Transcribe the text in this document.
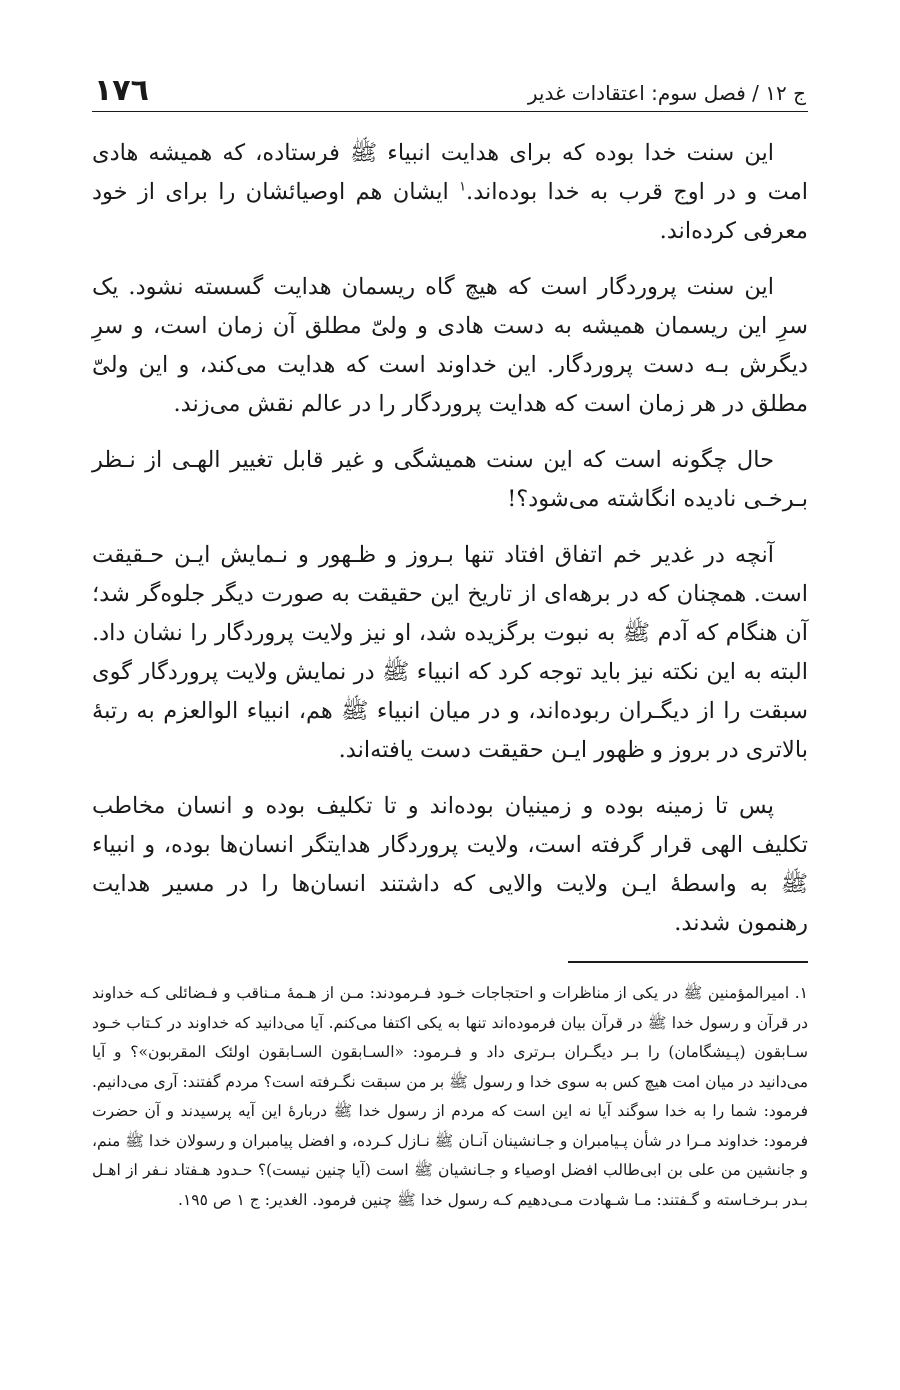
ج ١٢ / فصل سوم: اعتقادات غدیر
١٧٦

این سنت خدا بوده که برای هدایت انبیاء ﷺ فرستاده، که همیشه هادی امت و در اوج قرب به خدا بوده‌اند.$^١$ ایشان هم اوصیائشان را برای از خود معرفی کرده‌اند.

این سنت پروردگار است که هیچ گاه ریسمان هدایت گسسته نشود. یک سرِ این ریسمان همیشه به دست هادی و ولیّ مطلق آن زمان است، و سرِ دیگرش بـه دست پروردگار. این خداوند است که هدایت می‌کند، و این ولیّ مطلق در هر زمان است که هدایت پروردگار را در عالم نقش می‌زند.

حال چگونه است که این سنت همیشگی و غیر قابل تغییر الهـی از نـظر بـرخـی نادیده انگاشته می‌شود؟!

آنچه در غدیر خم اتفاق افتاد تنها بـروز و ظـهور و نـمایش ایـن حـقیقت است. همچنان که در برهه‌ای از تاریخ این حقیقت به صورت دیگر جلوه‌گر شد؛ آن هنگام که آدم ﷺ به نبوت برگزیده شد، او نیز ولایت پروردگار را نشان داد. البته به این نکته نیز باید توجه کرد که انبیاء ﷺ در نمایش ولایت پروردگار گوی سبقت را از دیگـران ربوده‌اند، و در میان انبیاء ﷺ هم، انبیاء الوالعزم به رتبهٔ بالاتری در بروز و ظهور ایـن حقیقت دست یافته‌اند.

پس تا زمینه بوده و زمینیان بوده‌اند و تا تکلیف بوده و انسان مخاطب تکلیف الهی قرار گرفته است، ولایت پروردگار هدایتگر انسان‌ها بوده، و انبیاء ﷺ به واسطهٔ ایـن ولایت والایی که داشتند انسان‌ها را در مسیر هدایت رهنمون شدند.

١. امیرالمؤمنین ﷺ در یکی از مناظرات و احتجاجات خـود فـرمودند: مـن از هـمهٔ مـناقب و فـضائلی کـه خداوند در قرآن و رسول خدا ﷺ در قرآن بیان فرموده‌اند تنها به یکی اکتفا می‌کنم. آیا می‌دانید که خداوند در کـتاب خـود سـابقون (پـیشگامان) را بـر دیگـران بـرتری داد و فـرمود: «السـابقون السـابقون اولئک المقربون»؟ و آیا می‌دانید در میان امت هیچ کس به سوی خدا و رسول ﷺ بر من سبقت نگـرفته است؟ مردم گفتند: آری می‌دانیم. فرمود: شما را به خدا سوگند آیا نه این است که مردم از رسول خدا ﷺ دربارهٔ این آیه پرسیدند و آن حضرت فرمود: خداوند مـرا در شأن پـیامبران و جـانشینان آنـان ﷺ نـازل کـرده، و افضل پیامبران و رسولان خدا ﷺ منم، و جانشین من علی بن ابی‌طالب افضل اوصیاء و جـانشیان ﷺ است (آیا چنین نیست)؟ حـدود هـفتاد نـفر از اهـل بـدر بـرخـاسته و گـفتند: مـا شـهادت مـی‌دهیم کـه رسول خدا ﷺ چنین فرمود. الغدیر: ج ١ ص ١٩٥.
